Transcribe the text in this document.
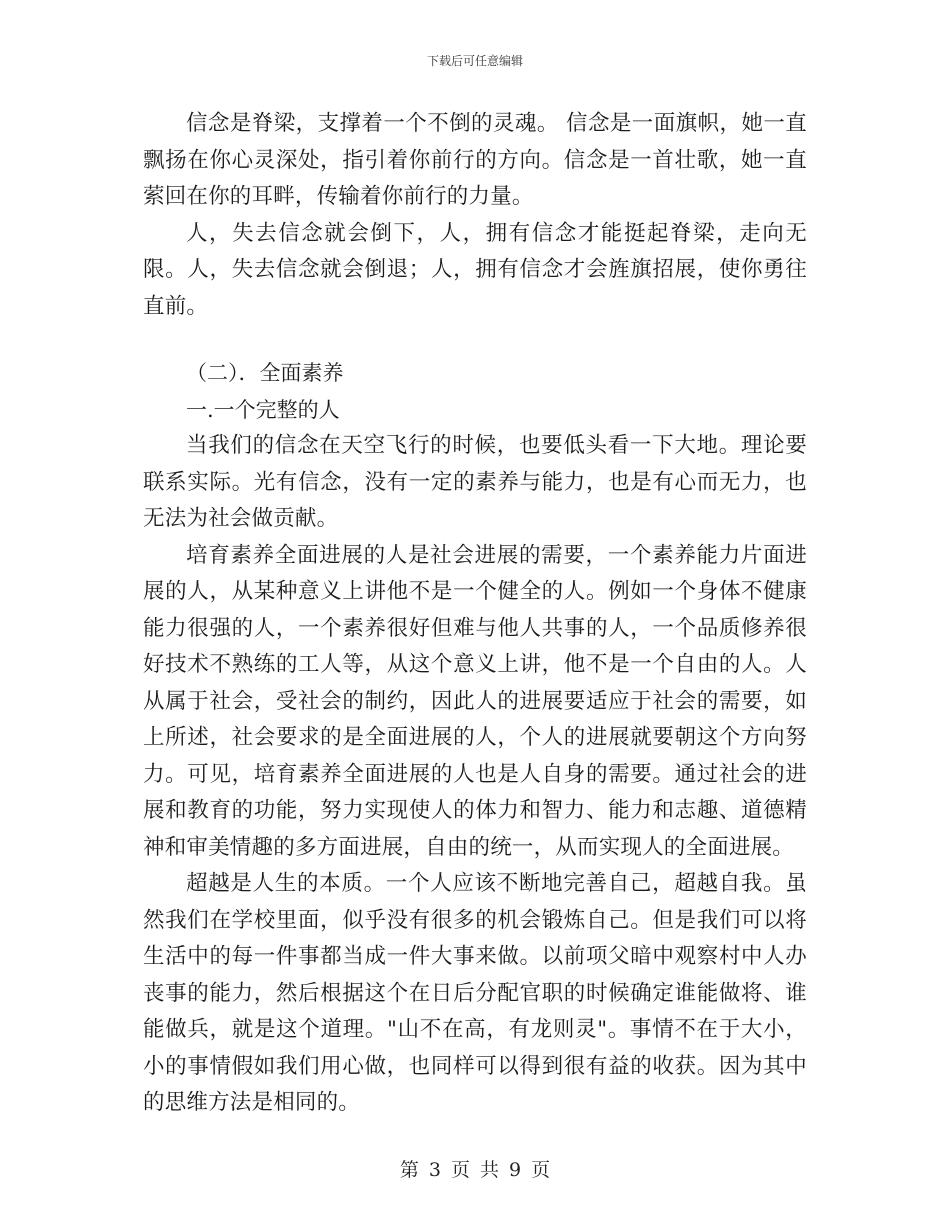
下载后可任意编辑

信念是脊梁，支撑着一个不倒的灵魂。 信念是一面旗帜，她一直飘扬在你心灵深处，指引着你前行的方向。信念是一首壮歌，她一直萦回在你的耳畔，传输着你前行的力量。

人，失去信念就会倒下，人，拥有信念才能挺起脊梁，走向无限。人，失去信念就会倒退；人，拥有信念才会旌旗招展，使你勇往直前。

（二）．全面素养

一.一个完整的人

当我们的信念在天空飞行的时候，也要低头看一下大地。理论要联系实际。光有信念，没有一定的素养与能力，也是有心而无力，也无法为社会做贡献。

培育素养全面进展的人是社会进展的需要，一个素养能力片面进展的人，从某种意义上讲他不是一个健全的人。例如一个身体不健康能力很强的人，一个素养很好但难与他人共事的人，一个品质修养很好技术不熟练的工人等，从这个意义上讲，他不是一个自由的人。人从属于社会，受社会的制约，因此人的进展要适应于社会的需要，如上所述，社会要求的是全面进展的人，个人的进展就要朝这个方向努力。可见，培育素养全面进展的人也是人自身的需要。通过社会的进展和教育的功能，努力实现使人的体力和智力、能力和志趣、道德精神和审美情趣的多方面进展，自由的统一，从而实现人的全面进展。

超越是人生的本质。一个人应该不断地完善自己，超越自我。虽然我们在学校里面，似乎没有很多的机会锻炼自己。但是我们可以将生活中的每一件事都当成一件大事来做。以前项父暗中观察村中人办丧事的能力，然后根据这个在日后分配官职的时候确定谁能做将、谁能做兵，就是这个道理。"山不在高，有龙则灵"。事情不在于大小，小的事情假如我们用心做，也同样可以得到很有益的收获。因为其中的思维方法是相同的。

第 3 页 共 9 页
